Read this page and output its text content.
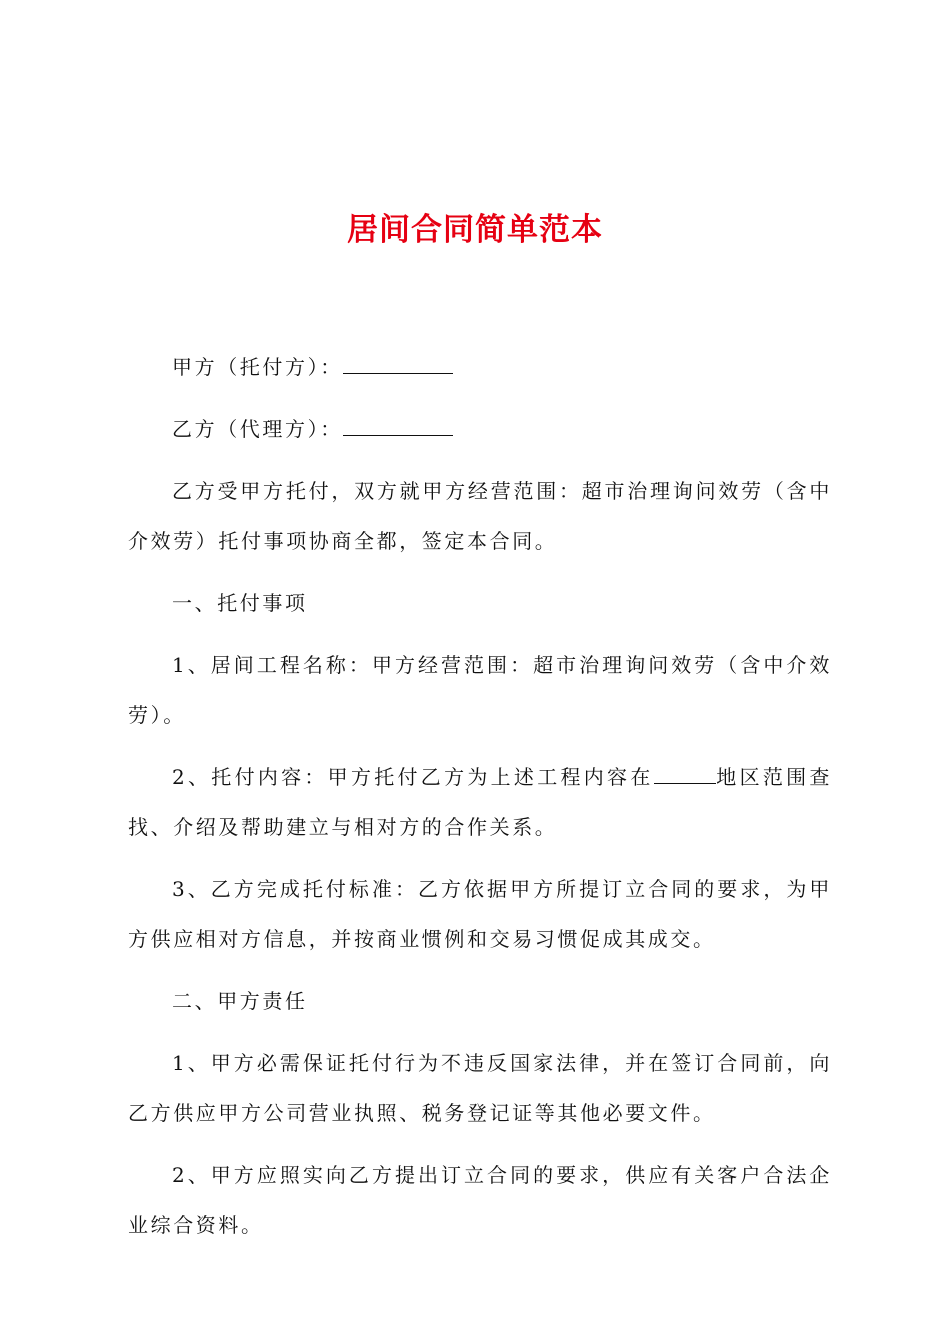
居间合同简单范本

甲方（托付方）：

乙方（代理方）：

乙方受甲方托付，双方就甲方经营范围：超市治理询问效劳（含中介效劳）托付事项协商全都，签定本合同。

一、托付事项

1、居间工程名称：甲方经营范围：超市治理询问效劳（含中介效劳）。

2、托付内容：甲方托付乙方为上述工程内容在	地区范围查找、介绍及帮助建立与相对方的合作关系。

3、乙方完成托付标准：乙方依据甲方所提订立合同的要求，为甲方供应相对方信息，并按商业惯例和交易习惯促成其成交。

二、甲方责任

1、甲方必需保证托付行为不违反国家法律，并在签订合同前，向乙方供应甲方公司营业执照、税务登记证等其他必要文件。

2、甲方应照实向乙方提出订立合同的要求，供应有关客户合法企业综合资料。
